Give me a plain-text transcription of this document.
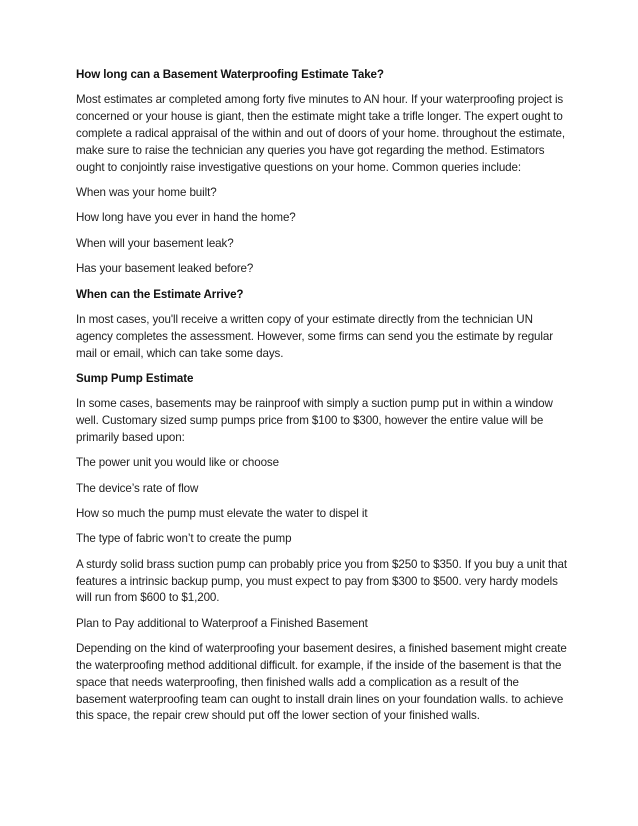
How long can a Basement Waterproofing Estimate Take?

Most estimates ar completed among forty five minutes to AN hour. If your waterproofing project is concerned or your house is giant, then the estimate might take a trifle longer. The expert ought to complete a radical appraisal of the within and out of doors of your home. throughout the estimate, make sure to raise the technician any queries you have got regarding the method. Estimators ought to conjointly raise investigative questions on your home. Common queries include:

When was your home built?

How long have you ever in hand the home?

When will your basement leak?

Has your basement leaked before?

When can the Estimate Arrive?

In most cases, you'll receive a written copy of your estimate directly from the technician UN agency completes the assessment. However, some firms can send you the estimate by regular mail or email, which can take some days.

Sump Pump Estimate

In some cases, basements may be rainproof with simply a suction pump put in within a window well. Customary sized sump pumps price from $100 to $300, however the entire value will be primarily based upon:

The power unit you would like or choose

The device’s rate of flow

How so much the pump must elevate the water to dispel it

The type of fabric won’t to create the pump

A sturdy solid brass suction pump can probably price you from $250 to $350. If you buy a unit that features a intrinsic backup pump, you must expect to pay from $300 to $500. very hardy models will run from $600 to $1,200.

Plan to Pay additional to Waterproof a Finished Basement

Depending on the kind of waterproofing your basement desires, a finished basement might create the waterproofing method additional difficult. for example, if the inside of the basement is that the space that needs waterproofing, then finished walls add a complication as a result of the basement waterproofing team can ought to install drain lines on your foundation walls. to achieve this space, the repair crew should put off the lower section of your finished walls.
